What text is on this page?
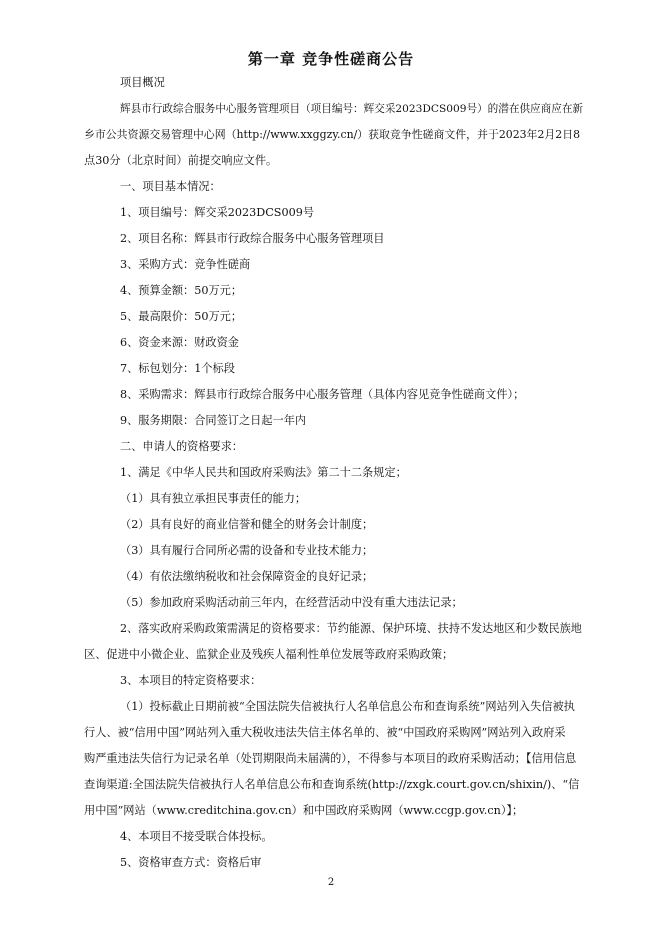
第一章 竞争性磋商公告
项目概况
辉县市行政综合服务中心服务管理项目（项目编号：辉交采2023DCS009号）的潜在供应商应在新
乡市公共资源交易管理中心网（http://www.xxggzy.cn/）获取竞争性磋商文件，并于2023年2月2日8
点30分（北京时间）前提交响应文件。
一、项目基本情况：
1、项目编号：辉交采2023DCS009号
2、项目名称：辉县市行政综合服务中心服务管理项目
3、采购方式：竞争性磋商
4、预算金额：50万元；
5、最高限价：50万元；
6、资金来源：财政资金
7、标包划分：1个标段
8、采购需求：辉县市行政综合服务中心服务管理（具体内容见竞争性磋商文件）；
9、服务期限：合同签订之日起一年内
二、申请人的资格要求：
1、满足《中华人民共和国政府采购法》第二十二条规定；
（1）具有独立承担民事责任的能力；
（2）具有良好的商业信誉和健全的财务会计制度；
（3）具有履行合同所必需的设备和专业技术能力；
（4）有依法缴纳税收和社会保障资金的良好记录；
（5）参加政府采购活动前三年内，在经营活动中没有重大违法记录；
2、落实政府采购政策需满足的资格要求：节约能源、保护环境、扶持不发达地区和少数民族地
区、促进中小微企业、监狱企业及残疾人福利性单位发展等政府采购政策；
3、本项目的特定资格要求：
（1）投标截止日期前被“全国法院失信被执行人名单信息公布和查询系统”网站列入失信被执
行人、被“信用中国”网站列入重大税收违法失信主体名单的、被“中国政府采购网”网站列入政府采
购严重违法失信行为记录名单（处罚期限尚未届满的），不得参与本项目的政府采购活动；【信用信息
查询渠道:全国法院失信被执行人名单信息公布和查询系统(http://zxgk.court.gov.cn/shixin/)、“信
用中国”网站（www.creditchina.gov.cn）和中国政府采购网（www.ccgp.gov.cn）】；
4、本项目不接受联合体投标。
5、资格审查方式：资格后审
2
